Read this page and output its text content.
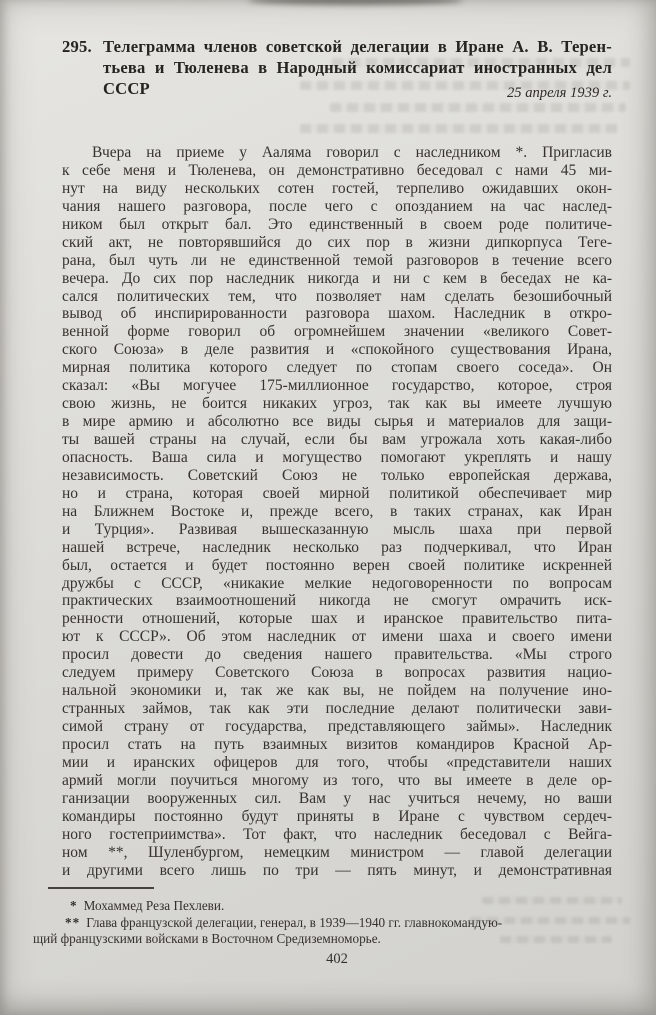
295. Телеграмма членов советской делегации в Иране А. В. Терен-
тьева и Тюленева в Народный комиссариат иностранных дел
СССР	25 апреля 1939 г.
Вчера на приеме у Ааляма говорил с наследником *. Пригласив
к себе меня и Тюленева, он демонстративно беседовал с нами 45 ми-
нут на виду нескольких сотен гостей, терпеливо ожидавших окон-
чания нашего разговора, после чего с опозданием на час наслед-
ником был открыт бал. Это единственный в своем роде политиче-
ский акт, не повторявшийся до сих пор в жизни дипкорпуса Теге-
рана, был чуть ли не единственной темой разговоров в течение всего
вечера. До сих пор наследник никогда и ни с кем в беседах не ка-
сался политических тем, что позволяет нам сделать безошибочный
вывод об инспирированности разговора шахом. Наследник в откро-
венной форме говорил об огромнейшем значении «великого Совет-
ского Союза» в деле развития и «спокойного существования Ирана,
мирная политика которого следует по стопам своего соседа». Он
сказал: «Вы могучее 175-миллионное государство, которое, строя
свою жизнь, не боится никаких угроз, так как вы имеете лучшую
в мире армию и абсолютно все виды сырья и материалов для защи-
ты вашей страны на случай, если бы вам угрожала хоть какая-либо
опасность. Ваша сила и могущество помогают укреплять и нашу
независимость. Советский Союз не только европейская держава,
но и страна, которая своей мирной политикой обеспечивает мир
на Ближнем Востоке и, прежде всего, в таких странах, как Иран
и Турция». Развивая вышесказанную мысль шаха при первой
нашей встрече, наследник несколько раз подчеркивал, что Иран
был, остается и будет постоянно верен своей политике искренней
дружбы с СССР, «никакие мелкие недоговоренности по вопросам
практических взаимоотношений никогда не смогут омрачить иск-
ренности отношений, которые шах и иранское правительство пита-
ют к СССР». Об этом наследник от имени шаха и своего имени
просил довести до сведения нашего правительства. «Мы строго
следуем примеру Советского Союза в вопросах развития нацио-
нальной экономики и, так же как вы, не пойдем на получение ино-
странных займов, так как эти последние делают политически зави-
симой страну от государства, представляющего займы». Наследник
просил стать на путь взаимных визитов командиров Красной Ар-
мии и иранских офицеров для того, чтобы «представители наших
армий могли поучиться многому из того, что вы имеете в деле ор-
ганизации вооруженных сил. Вам у нас учиться нечему, но ваши
командиры постоянно будут приняты в Иране с чувством сердеч-
ного гостеприимства». Тот факт, что наследник беседовал с Вейга-
ном **, Шуленбургом, немецким министром — главой делегации
и другими всего лишь по три — пять минут, и демонстративная
* Мохаммед Реза Пехлеви.
** Глава французской делегации, генерал, в 1939—1940 гг. главнокомандую-
щий французскими войсками в Восточном Средиземноморье.
402
